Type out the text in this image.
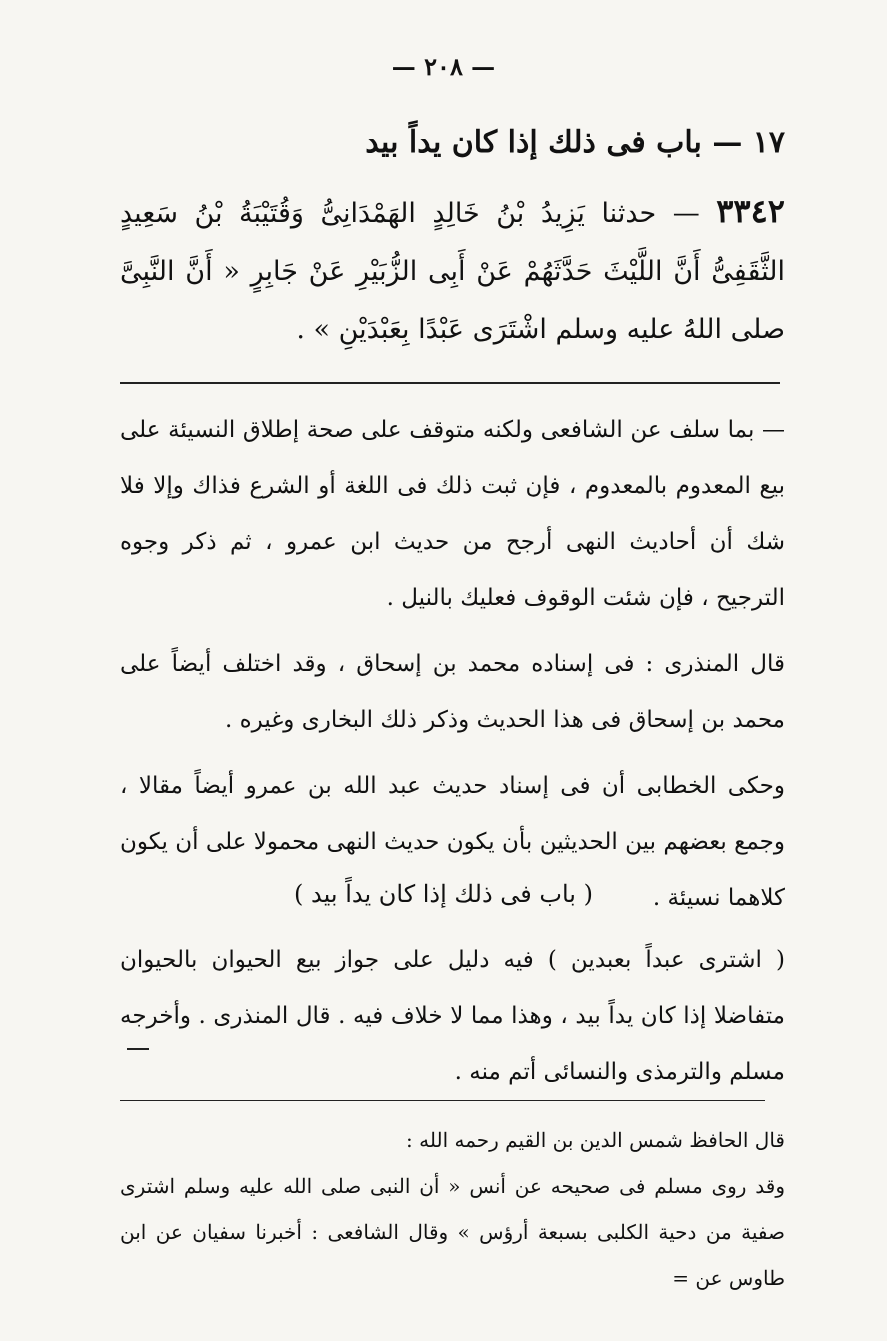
— ٢٠٨ —
١٧ — باب فى ذلك إذا كان يداً بيد
٣٣٤٢ — حدثنا يَزِيدُ بْنُ خَالِدٍ الهَمْدَانِىُّ وَقُتَيْبَةُ بْنُ سَعِيدٍ الثَّقَفِىُّ أَنَّ اللَّيْثَ حَدَّثَهُمْ عَنْ أَبِى الزُّبَيْرِ عَنْ جَابِرٍ « أَنَّ النَّبِىَّ صلى اللهُ عليه وسلم اشْتَرَى عَبْدًا بِعَبْدَيْنِ » .

— بما سلف عن الشافعى ولكنه متوقف على صحة إطلاق النسيئة على بيع المعدوم بالمعدوم ، فإن ثبت ذلك فى اللغة أو الشرع فذاك وإلا فلا شك أن أحاديث النهى أرجح من حديث ابن عمرو ، ثم ذكر وجوه الترجيح ، فإن شئت الوقوف فعليك بالنيل .

قال المنذرى : فى إسناده محمد بن إسحاق ، وقد اختلف أيضاً على محمد بن إسحاق فى هذا الحديث وذكر ذلك البخارى وغيره .

وحكى الخطابى أن فى إسناد حديث عبد الله بن عمرو أيضاً مقالا ، وجمع بعضهم بين الحديثين بأن يكون حديث النهى محمولا على أن يكون كلاهما نسيئة .

( باب فى ذلك إذا كان يداً بيد )
( اشترى عبداً بعبدين ) فيه دليل على جواز بيع الحيوان بالحيوان متفاضلا إذا كان يداً بيد ، وهذا مما لا خلاف فيه . قال المنذرى . وأخرجه مسلم والترمذى والنسائى أتم منه .

قال الحافظ شمس الدين بن القيم رحمه الله :

وقد روى مسلم فى صحيحه عن أنس « أن النبى صلى الله عليه وسلم اشترى صفية من دحية الكلبى بسبعة أرؤس » وقال الشافعى : أخبرنا سفيان عن ابن طاوس عن =
